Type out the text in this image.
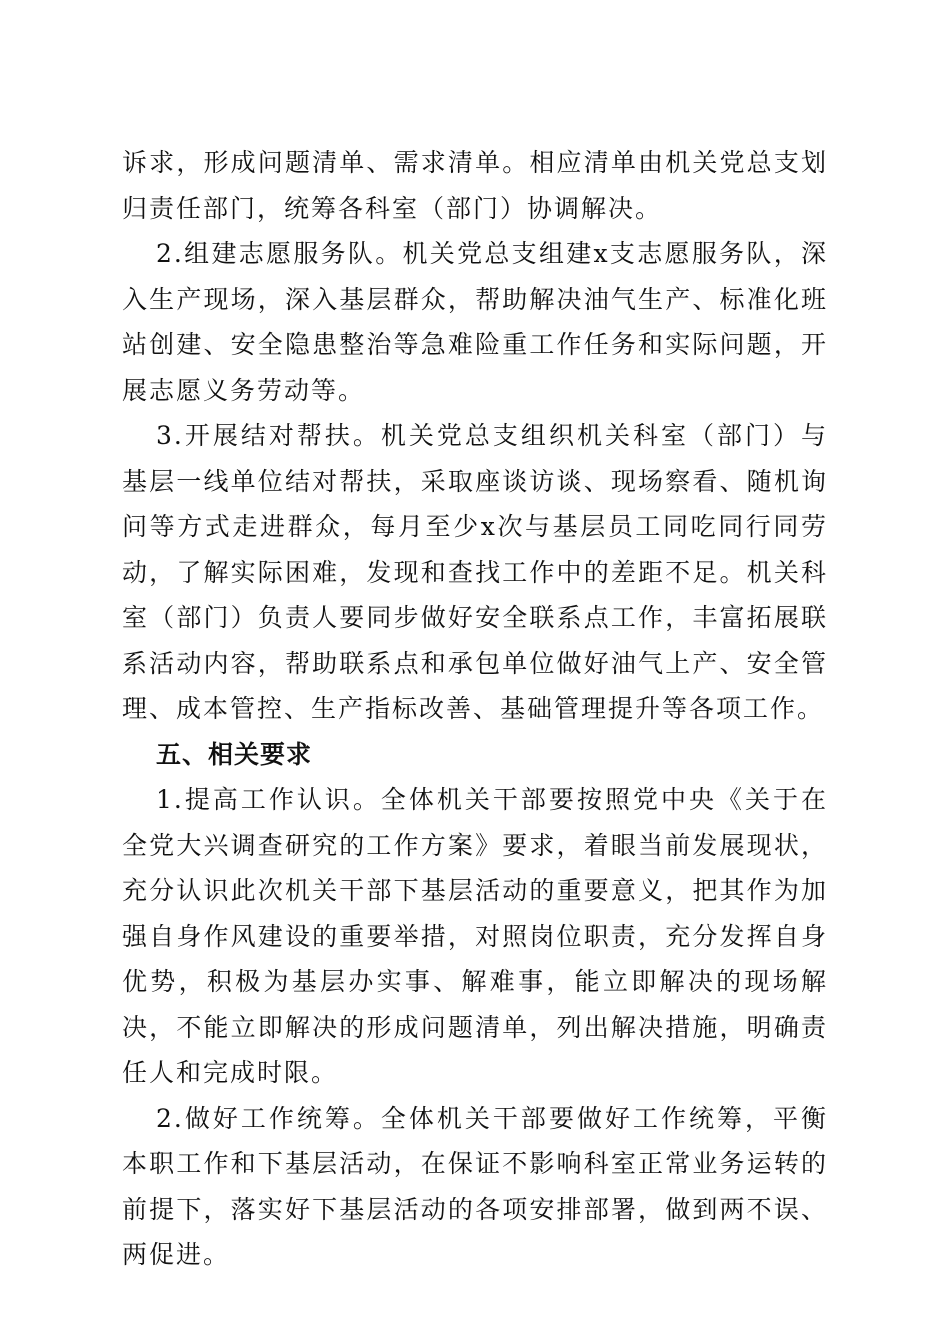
诉求，形成问题清单、需求清单。相应清单由机关党总支划归责任部门，统筹各科室（部门）协调解决。

2.组建志愿服务队。机关党总支组建x支志愿服务队，深入生产现场，深入基层群众，帮助解决油气生产、标准化班站创建、安全隐患整治等急难险重工作任务和实际问题，开展志愿义务劳动等。

3.开展结对帮扶。机关党总支组织机关科室（部门）与基层一线单位结对帮扶，采取座谈访谈、现场察看、随机询问等方式走进群众，每月至少x次与基层员工同吃同行同劳动，了解实际困难，发现和查找工作中的差距不足。机关科室（部门）负责人要同步做好安全联系点工作，丰富拓展联系活动内容，帮助联系点和承包单位做好油气上产、安全管理、成本管控、生产指标改善、基础管理提升等各项工作。

五、相关要求

1.提高工作认识。全体机关干部要按照党中央《关于在全党大兴调查研究的工作方案》要求，着眼当前发展现状，充分认识此次机关干部下基层活动的重要意义，把其作为加强自身作风建设的重要举措，对照岗位职责，充分发挥自身优势，积极为基层办实事、解难事，能立即解决的现场解决，不能立即解决的形成问题清单，列出解决措施，明确责任人和完成时限。

2.做好工作统筹。全体机关干部要做好工作统筹，平衡本职工作和下基层活动，在保证不影响科室正常业务运转的前提下，落实好下基层活动的各项安排部署，做到两不误、两促进。
